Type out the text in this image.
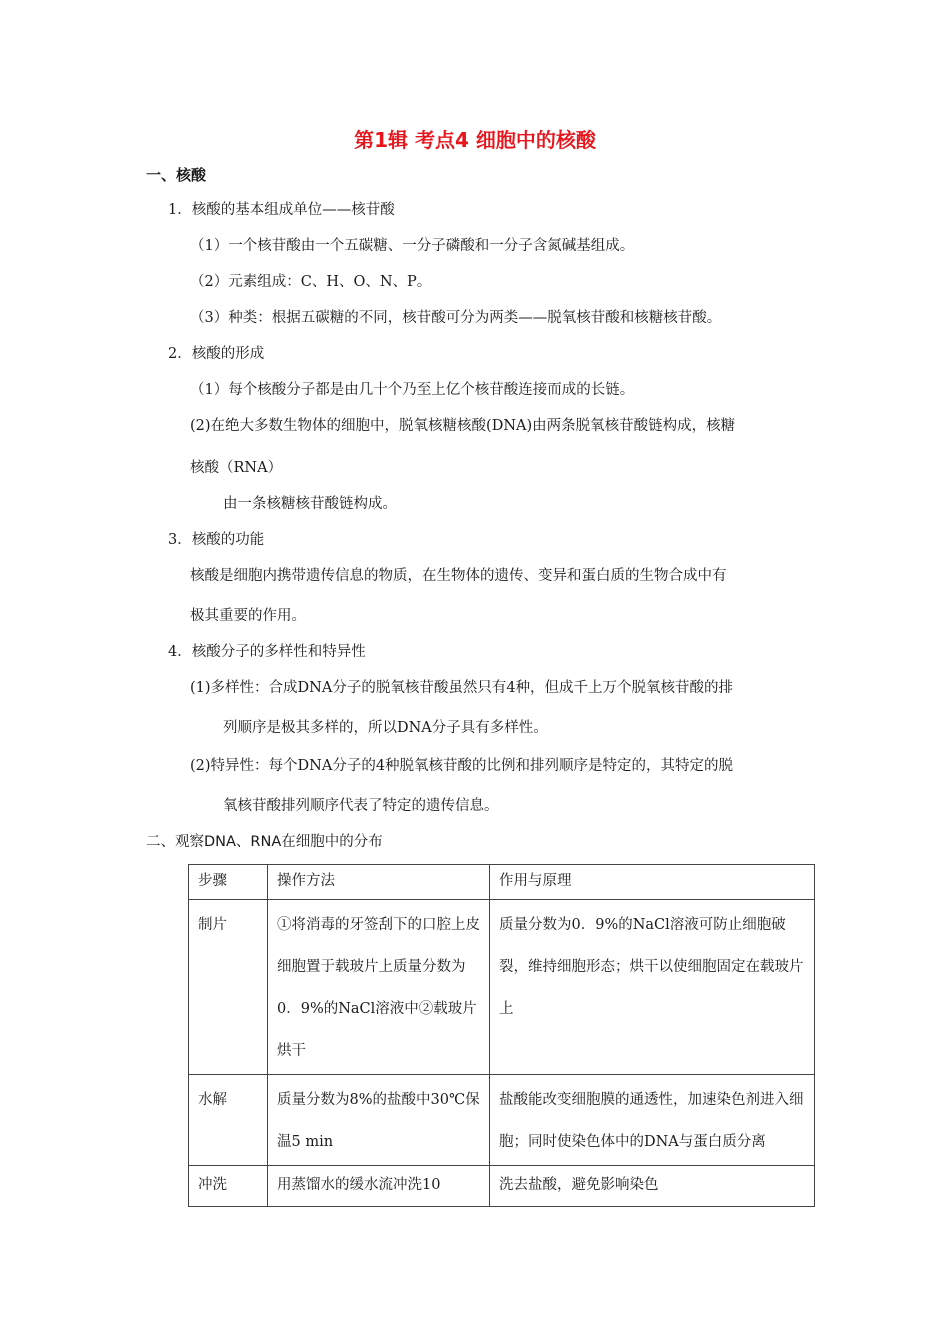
第1辑 考点4 细胞中的核酸
一、核酸
1．核酸的基本组成单位——核苷酸
（1）一个核苷酸由一个五碳糖、一分子磷酸和一分子含氮碱基组成。
（2）元素组成：C、H、O、N、P。
（3）种类：根据五碳糖的不同，核苷酸可分为两类——脱氧核苷酸和核糖核苷酸。
2．核酸的形成
（1）每个核酸分子都是由几十个乃至上亿个核苷酸连接而成的长链。
(2)在绝大多数生物体的细胞中，脱氧核糖核酸(DNA)由两条脱氧核苷酸链构成，核糖
核酸（RNA）
由一条核糖核苷酸链构成。
3．核酸的功能
核酸是细胞内携带遗传信息的物质，在生物体的遗传、变异和蛋白质的生物合成中有
极其重要的作用。
4．核酸分子的多样性和特异性
(1)多样性：合成DNA分子的脱氧核苷酸虽然只有4种，但成千上万个脱氧核苷酸的排
列顺序是极其多样的，所以DNA分子具有多样性。
(2)特异性：每个DNA分子的4种脱氧核苷酸的比例和排列顺序是特定的，其特定的脱
氧核苷酸排列顺序代表了特定的遗传信息。
二、观察DNA、RNA在细胞中的分布
步骤	操作方法	作用与原理
制片	①将消毒的牙签刮下的口腔上皮细胞置于载玻片上质量分数为0．9%的NaCl溶液中②载玻片烘干	质量分数为0．9%的NaCl溶液可防止细胞破裂，维持细胞形态；烘干以使细胞固定在载玻片上
水解	质量分数为8%的盐酸中30℃保温5 min	盐酸能改变细胞膜的通透性，加速染色剂进入细胞；同时使染色体中的DNA与蛋白质分离
冲洗	用蒸馏水的缓水流冲洗10	洗去盐酸，避免影响染色
